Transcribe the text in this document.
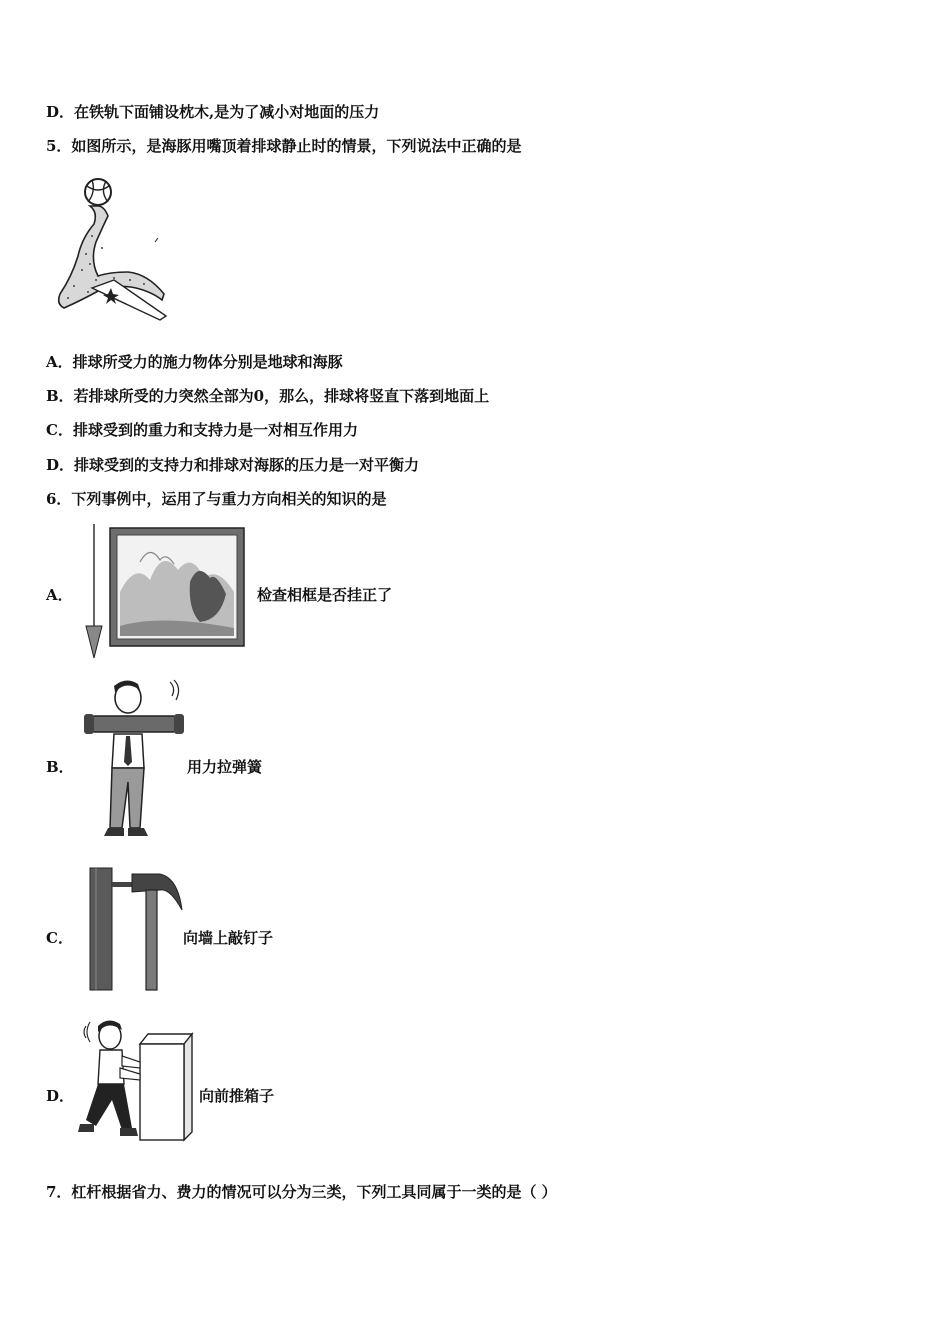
D．在铁轨下面铺设枕木,是为了减小对地面的压力
5．如图所示，是海豚用嘴顶着排球静止时的情景，下列说法中正确的是
A．排球所受力的施力物体分别是地球和海豚
B．若排球所受的力突然全部为0，那么，排球将竖直下落到地面上
C．排球受到的重力和支持力是一对相互作用力
D．排球受到的支持力和排球对海豚的压力是一对平衡力
6．下列事例中，运用了与重力方向相关的知识的是
A．	检查相框是否挂正了
B．	用力拉弹簧
C．	向墙上敲钉子
D．	向前推箱子
7．杠杆根据省力、费力的情况可以分为三类，下列工具同属于一类的是（ ）
